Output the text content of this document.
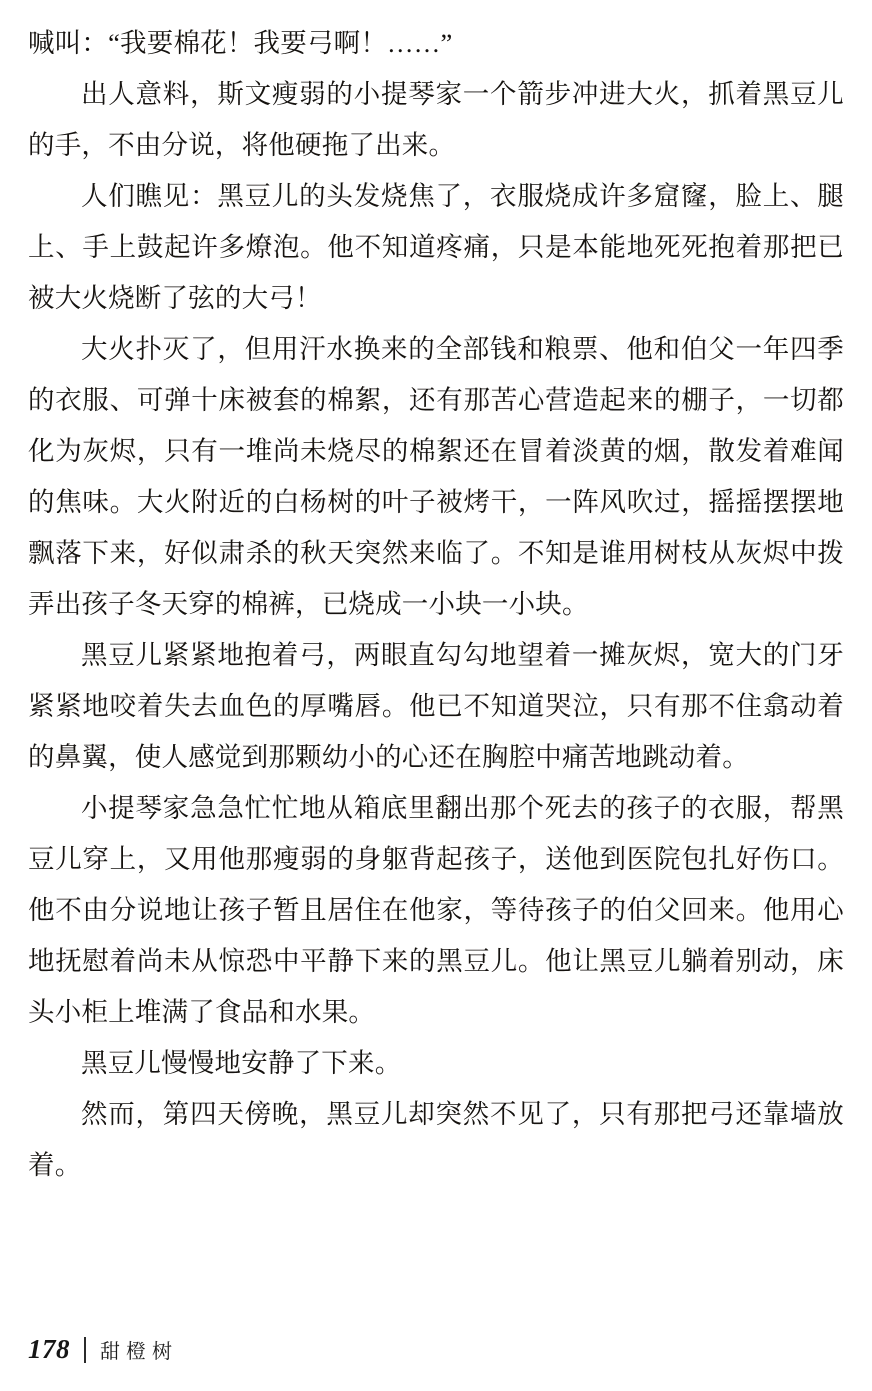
喊叫：“我要棉花！我要弓啊！……”

出人意料，斯文瘦弱的小提琴家一个箭步冲进大火，抓着黑豆儿的手，不由分说，将他硬拖了出来。

人们瞧见：黑豆儿的头发烧焦了，衣服烧成许多窟窿，脸上、腿上、手上鼓起许多燎泡。他不知道疼痛，只是本能地死死抱着那把已被大火烧断了弦的大弓！

大火扑灭了，但用汗水换来的全部钱和粮票、他和伯父一年四季的衣服、可弹十床被套的棉絮，还有那苦心营造起来的棚子，一切都化为灰烬，只有一堆尚未烧尽的棉絮还在冒着淡黄的烟，散发着难闻的焦味。大火附近的白杨树的叶子被烤干，一阵风吹过，摇摇摆摆地飘落下来，好似肃杀的秋天突然来临了。不知是谁用树枝从灰烬中拨弄出孩子冬天穿的棉裤，已烧成一小块一小块。

黑豆儿紧紧地抱着弓，两眼直勾勾地望着一摊灰烬，宽大的门牙紧紧地咬着失去血色的厚嘴唇。他已不知道哭泣，只有那不住翕动着的鼻翼，使人感觉到那颗幼小的心还在胸腔中痛苦地跳动着。

小提琴家急急忙忙地从箱底里翻出那个死去的孩子的衣服，帮黑豆儿穿上，又用他那瘦弱的身躯背起孩子，送他到医院包扎好伤口。他不由分说地让孩子暂且居住在他家，等待孩子的伯父回来。他用心地抚慰着尚未从惊恐中平静下来的黑豆儿。他让黑豆儿躺着别动，床头小柜上堆满了食品和水果。

黑豆儿慢慢地安静了下来。

然而，第四天傍晚，黑豆儿却突然不见了，只有那把弓还靠墙放着。

178 甜橙树
